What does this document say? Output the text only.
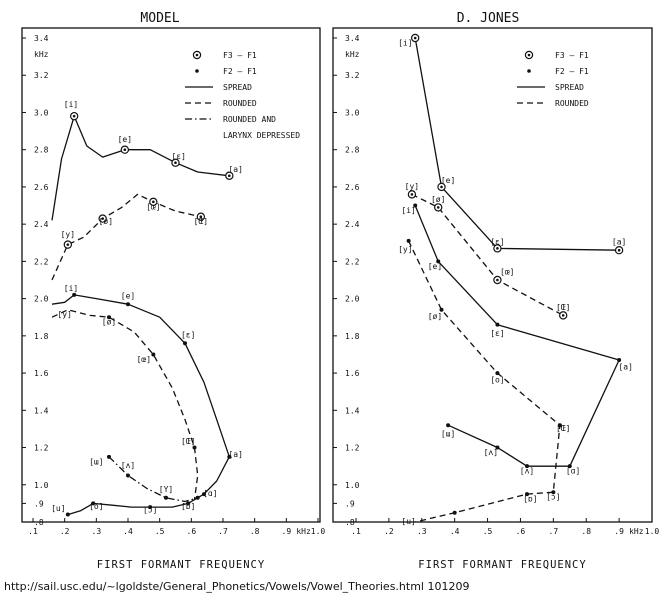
MODEL
.8
.9
1.0
1.2
1.4
1.6
1.8
2.0
2.2
2.4
2.6
2.8
3.0
3.2
3.4
kHz
.1	.2	.3	.4	.5	.6	.7	.8	.9 1.0
kHz
FIRST FORMANT FREQUENCY
[i]
[e]
[ɛ]
[a]
[y]
[ø]
[œ]
[Œ]
[i]
[y]
[e]
[ø]
[ɛ]
[œ]
[Œ]
[a]
[ɯ] [ʌ]
[Y]	[ɑ]
[ɒ]
[u]	[o]	[ɔ]
F3 – F1
F2 – F1
SPREAD
ROUNDED
ROUNDED AND
LARYNX DEPRESSED
D. JONES
.8
.9
1.0
1.2
1.4
1.6
1.8
2.0
2.2
2.4
2.6
2.8
3.0
3.2
3.4
kHz
.1	.2	.3	.4	.5	.6	.7	.8	.9	1.0
kHz
FIRST FORMANT FREQUENCY
[i]
[e]
[ɛ]	[a]
[y]
[ø]
[œ]
[Œ]
[i]
[y]
[e]
[ø]
[ɛ]
[a]
[o]
[Œ]
[ɯ]
[ʌ]
[ʌ]	[ɑ]
[ɒ] [ɔ]
[u]
F3 – F1
F2 – F1
SPREAD
ROUNDED
http://sail.usc.edu/~lgoldste/General_Phonetics/Vowels/Vowel_Theories.html 101209
